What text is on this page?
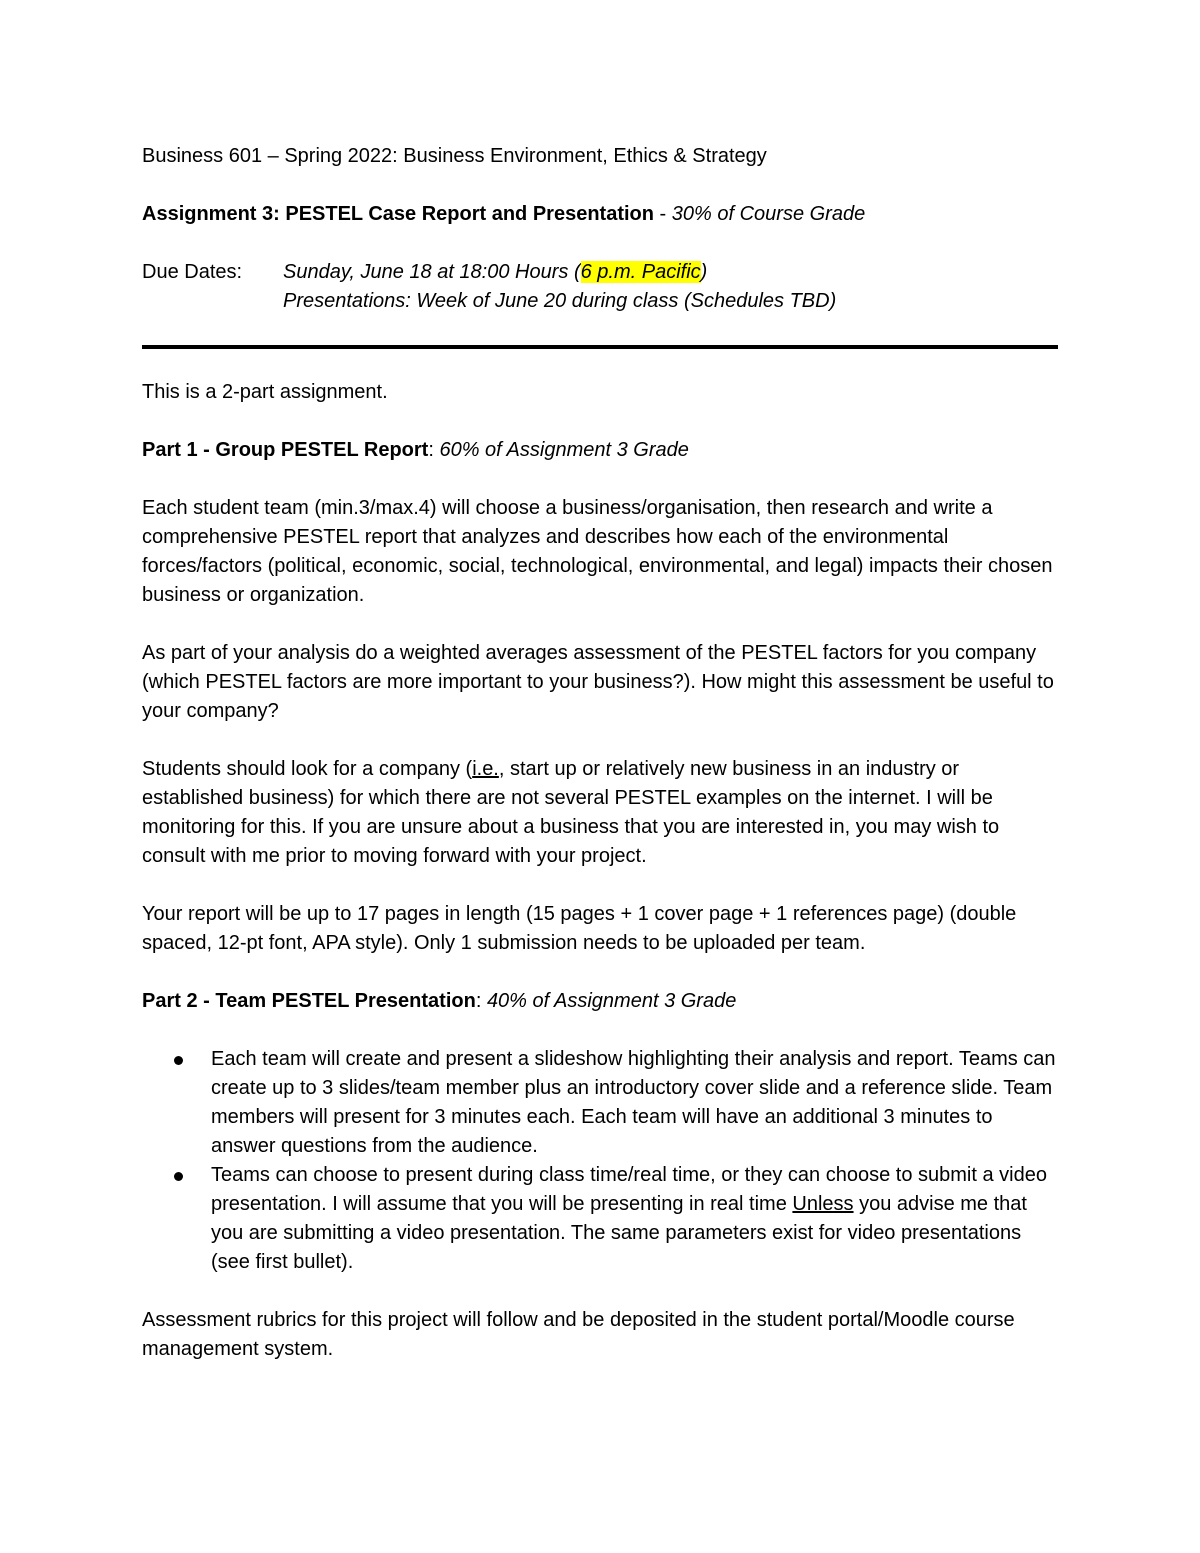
Business 601 – Spring 2022: Business Environment, Ethics & Strategy

Assignment 3: PESTEL Case Report and Presentation - 30% of Course Grade

Due Dates:	Sunday, June 18 at 18:00 Hours (6 p.m. Pacific)

Presentations: Week of June 20 during class (Schedules TBD)

This is a 2-part assignment.

Part 1 - Group PESTEL Report: 60% of Assignment 3 Grade

Each student team (min.3/max.4) will choose a business/organisation, then research and write a comprehensive PESTEL report that analyzes and describes how each of the environmental forces/factors (political, economic, social, technological, environmental, and legal) impacts their chosen business or organization.

As part of your analysis do a weighted averages assessment of the PESTEL factors for you company (which PESTEL factors are more important to your business?). How might this assessment be useful to your company?

Students should look for a company (i.e., start up or relatively new business in an industry or established business) for which there are not several PESTEL examples on the internet. I will be monitoring for this. If you are unsure about a business that you are interested in, you may wish to consult with me prior to moving forward with your project.

Your report will be up to 17 pages in length (15 pages + 1 cover page + 1 references page) (double spaced, 12-pt font, APA style). Only 1 submission needs to be uploaded per team.

Part 2 - Team PESTEL Presentation: 40% of Assignment 3 Grade

Each team will create and present a slideshow highlighting their analysis and report. Teams can create up to 3 slides/team member plus an introductory cover slide and a reference slide. Team members will present for 3 minutes each. Each team will have an additional 3 minutes to answer questions from the audience.
Teams can choose to present during class time/real time, or they can choose to submit a video presentation. I will assume that you will be presenting in real time Unless you advise me that you are submitting a video presentation. The same parameters exist for video presentations (see first bullet).

Assessment rubrics for this project will follow and be deposited in the student portal/Moodle course management system.
